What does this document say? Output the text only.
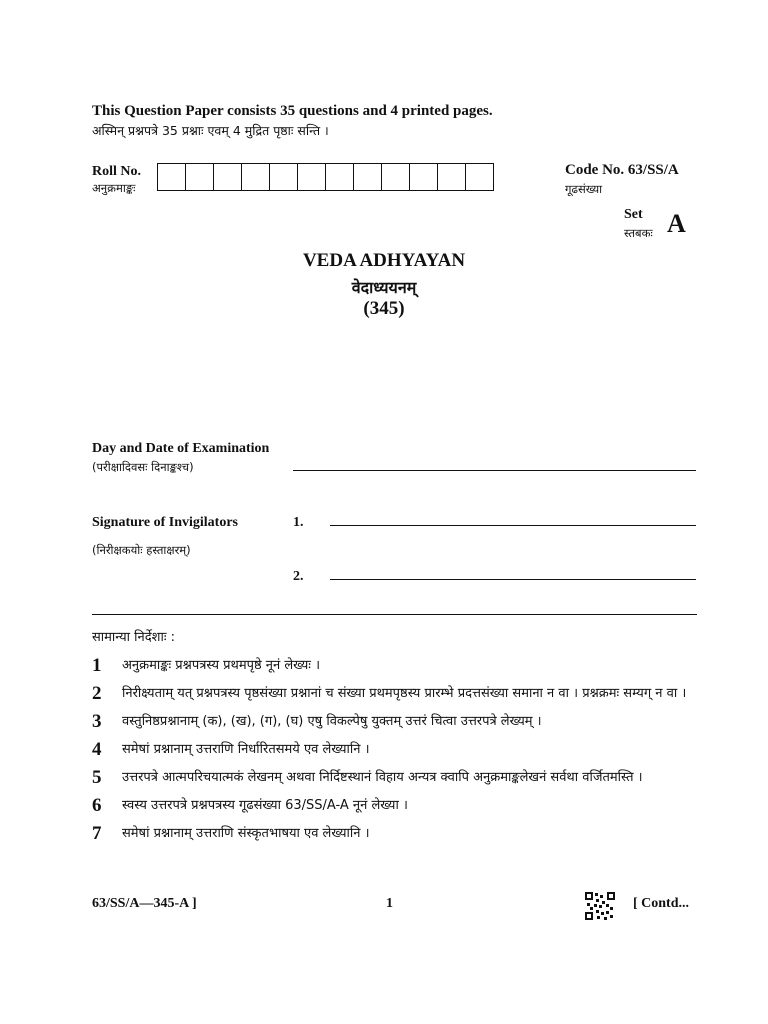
This Question Paper consists 35 questions and 4 printed pages.
अस्मिन् प्रश्नपत्रे 35 प्रश्नाः एवम् 4 मुद्रित पृष्ठाः सन्ति ।
Roll No.
अनुक्रमाङ्कः
Code No. 63/SS/A
गूढसंख्या
Set
स्तबकः A
VEDA ADHYAYAN
वेदाध्ययनम्
(345)
Day and Date of Examination
(परीक्षादिवसः दिनाङ्कश्च)
Signature of Invigilators
(निरीक्षकयोः हस्ताक्षरम्)
1.
2.
सामान्या निर्देशाः :
1	अनुक्रमाङ्कः प्रश्नपत्रस्य प्रथमपृष्ठे नूनं लेख्यः ।
2	निरीक्ष्यताम् यत् प्रश्नपत्रस्य पृष्ठसंख्या प्रश्नानां च संख्या प्रथमपृष्ठस्य प्रारम्भे प्रदत्तसंख्या समाना न वा । प्रश्नक्रमः सम्यग् न वा ।
3	वस्तुनिष्ठप्रश्नानाम् (क), (ख), (ग), (घ) एषु विकल्पेषु युक्तम् उत्तरं चित्वा उत्तरपत्रे लेख्यम् ।
4	समेषां प्रश्नानाम् उत्तराणि निर्धारितसमये एव लेख्यानि ।
5	उत्तरपत्रे आत्मपरिचयात्मकं लेखनम् अथवा निर्दिष्टस्थानं विहाय अन्यत्र क्वापि अनुक्रमाङ्कलेखनं सर्वथा वर्जितमस्ति ।
6	स्वस्य उत्तरपत्रे प्रश्नपत्रस्य गूढसंख्या 63/SS/A-A नूनं लेख्या ।
7	समेषां प्रश्नानाम् उत्तराणि संस्कृतभाषया एव लेख्यानि ।
63/SS/A—345-A ]	1	[ Contd...
